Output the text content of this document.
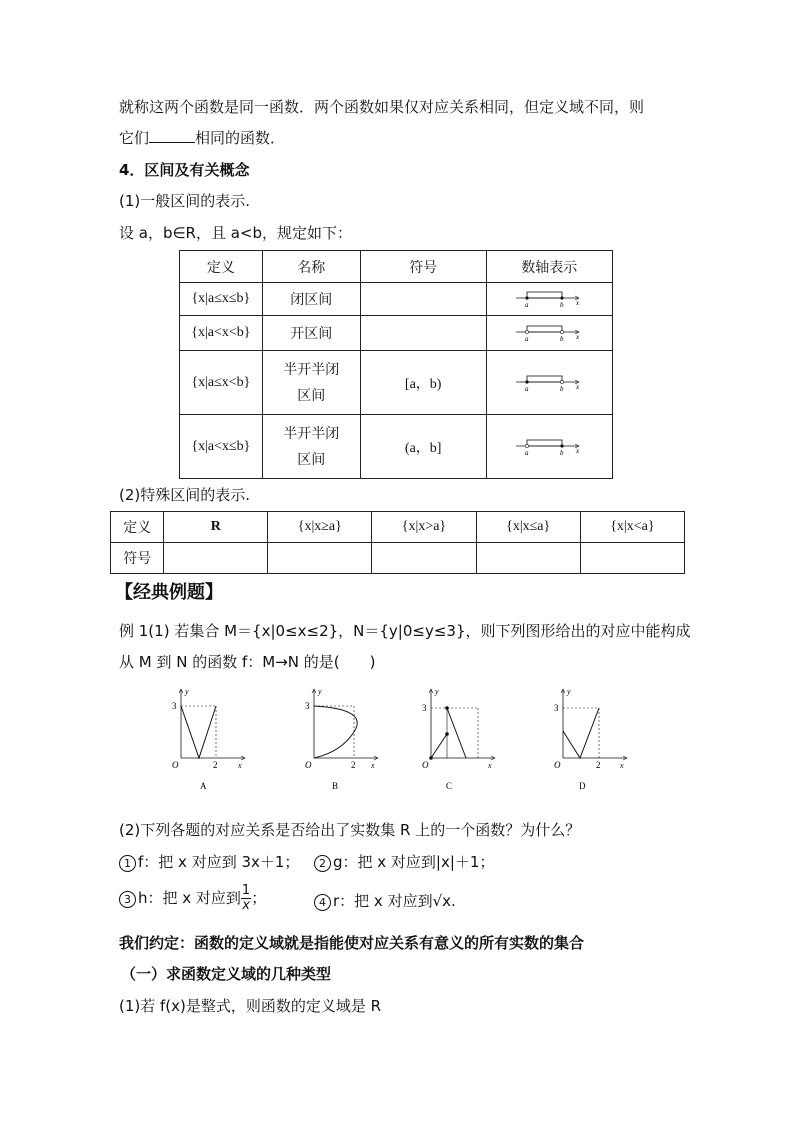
就称这两个函数是同一函数．两个函数如果仅对应关系相同，但定义域不同，则
它们	相同的函数．
4．区间及有关概念
(1)一般区间的表示.
设 a，b∈R，且 a<b，规定如下：
定义	名称	符号	数轴表示
{x|a≤x≤b}	闭区间		a b x

{x|a<x<b}	开区间		a b x

{x|a≤x<b}	半开半闭
区间	[a，b)	a b x

{x|a<x≤b}	半开半闭
区间	(a，b]	a b x
(2)特殊区间的表示.
定义	R	{x|x≥a}	{x|x>a}	{x|x≤a}	{x|x<a}
符号					
【经典例题】
例 1(1) 若集合 M＝{x|0≤x≤2}，N＝{y|0≤y≤3}，则下列图形给出的对应中能构成
从 M 到 N 的函数 f：M→N 的是(　　)
3
2
O	x
y
A
3
2
O	x
y
B
3
O	x
y
C
3
2
O	x
y
D
(2)下列各题的对应关系是否给出了实数集 R 上的一个函数？为什么？
1 f：把 x 对应到 3x＋1；	2 g：把 x 对应到|x|＋1；
3 h：把 x 对应到 $\frac{1}{x}$ ；	4 r：把 x 对应到√x.
我们约定：函数的定义域就是指能使对应关系有意义的所有实数的集合
（一）求函数定义域的几种类型
(1)若 f(x)是整式，则函数的定义域是 R
